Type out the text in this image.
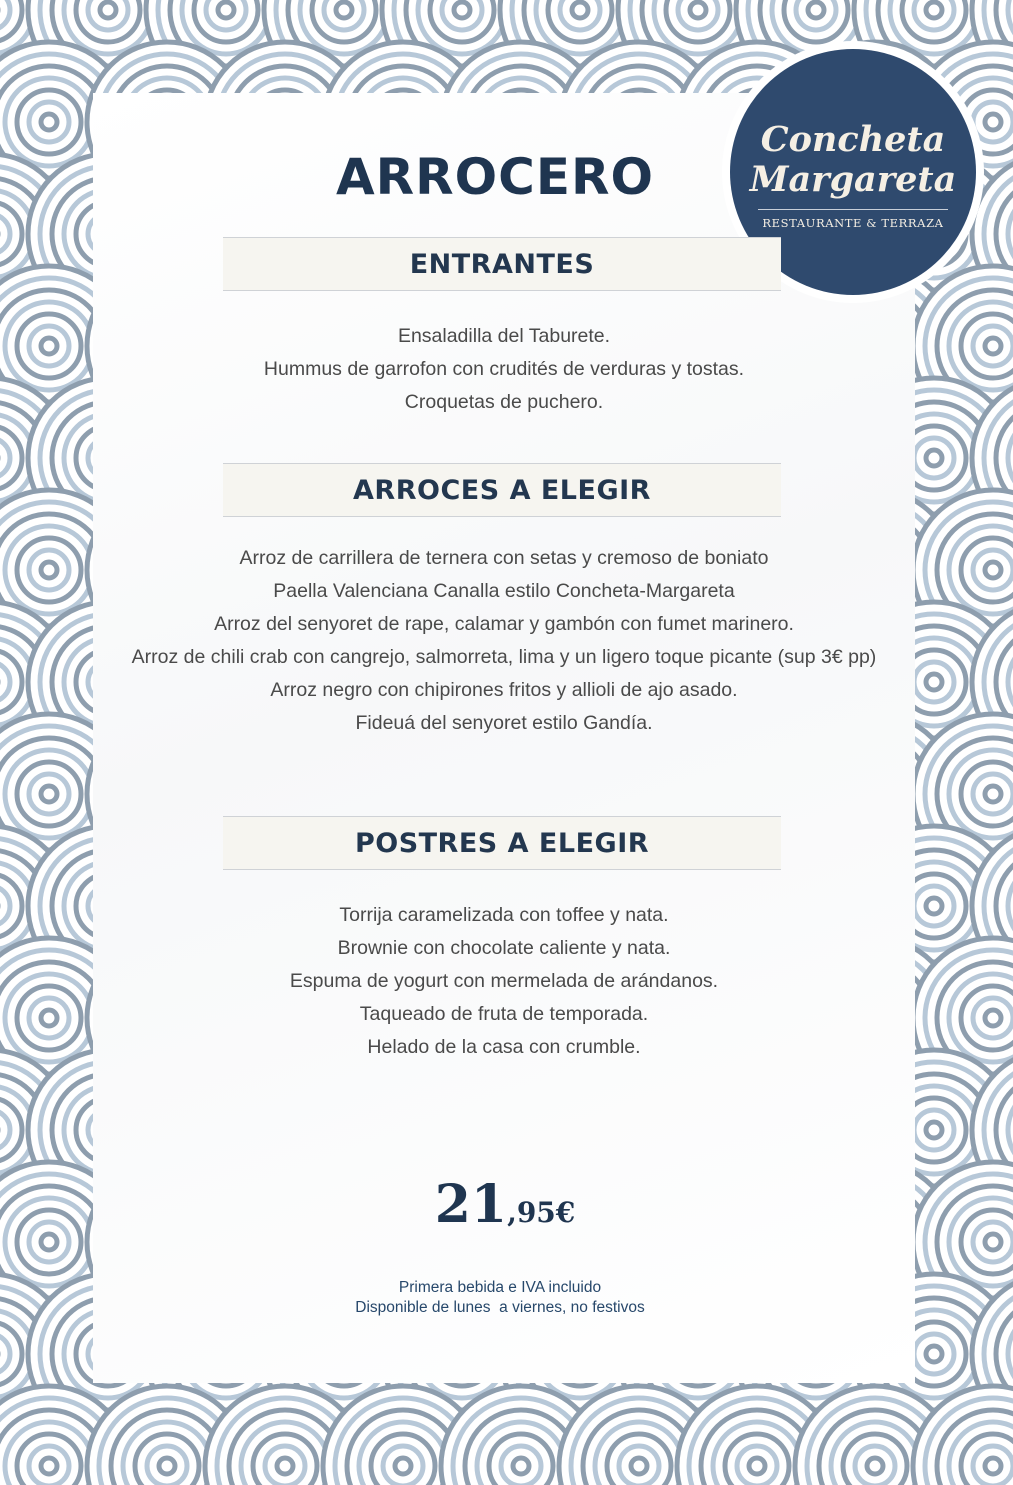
ARROCERO
Concheta
Margareta
RESTAURANTE & TERRAZA
ENTRANTES
Ensaladilla del Taburete.
Hummus de garrofon con crudités de verduras y tostas.
Croquetas de puchero.
ARROCES A ELEGIR
Arroz de carrillera de ternera con setas y cremoso de boniato
Paella Valenciana Canalla estilo Concheta-Margareta
Arroz del senyoret de rape, calamar y gambón con fumet marinero.
Arroz de chili crab con cangrejo, salmorreta, lima y un ligero toque picante (sup 3€ pp)
Arroz negro con chipirones fritos y allioli de ajo asado.
Fideuá del senyoret estilo Gandía.
POSTRES A ELEGIR
Torrija caramelizada con toffee y nata.
Brownie con chocolate caliente y nata.
Espuma de yogurt con mermelada de arándanos.
Taqueado de fruta de temporada.
Helado de la casa con crumble.
21,95€
Primera bebida e IVA incluido
Disponible de lunes  a viernes, no festivos
